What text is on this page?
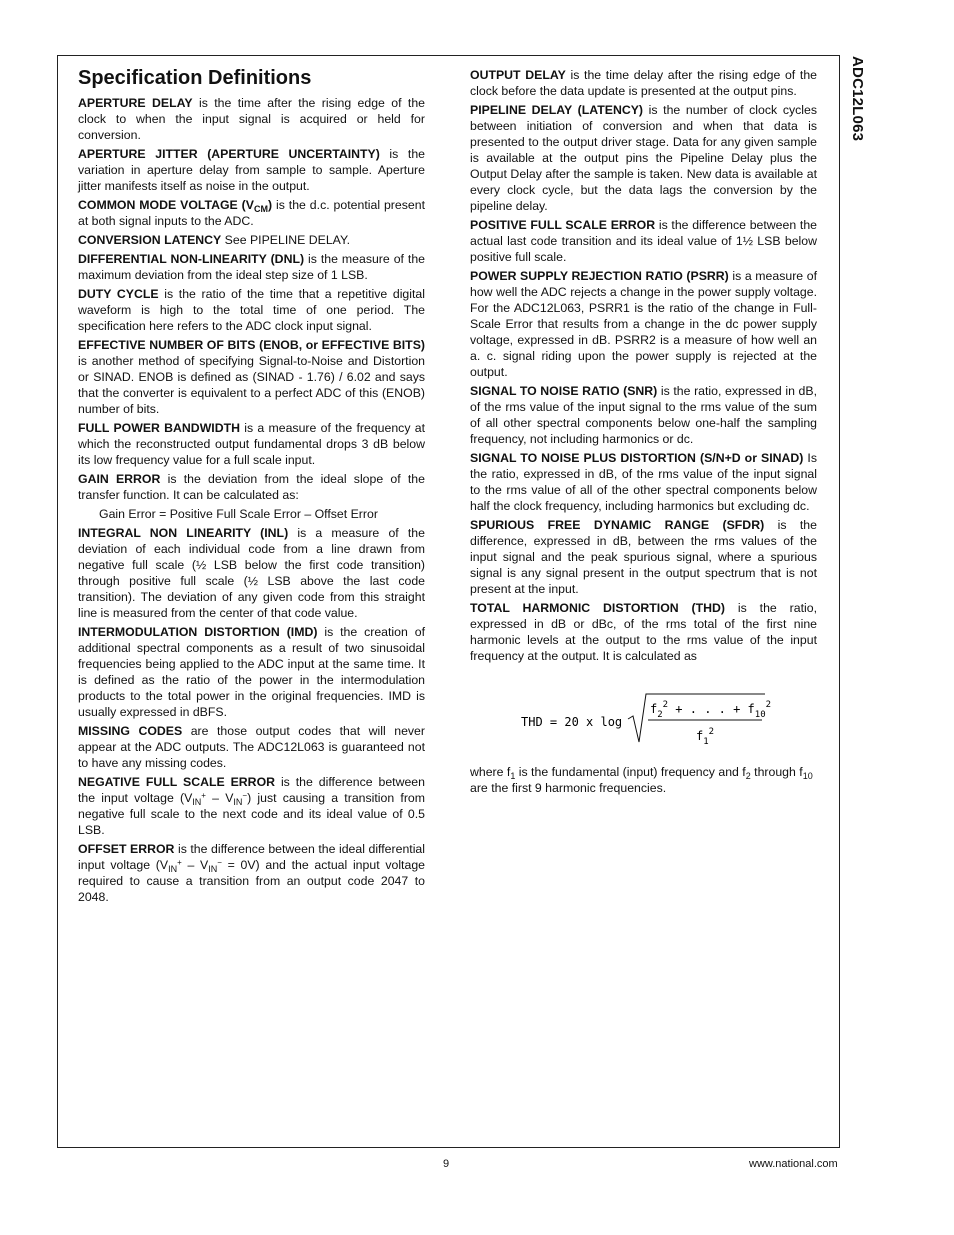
ADC12L063
Specification Definitions

APERTURE DELAY is the time after the rising edge of the clock to when the input signal is acquired or held for conversion.

APERTURE JITTER (APERTURE UNCERTAINTY) is the variation in aperture delay from sample to sample. Aperture jitter manifests itself as noise in the output.

COMMON MODE VOLTAGE $(V_{CM})$ is the d.c. potential present at both signal inputs to the ADC.

CONVERSION LATENCY See PIPELINE DELAY.

DIFFERENTIAL NON-LINEARITY (DNL) is the measure of the maximum deviation from the ideal step size of 1 LSB.

DUTY CYCLE is the ratio of the time that a repetitive digital waveform is high to the total time of one period. The specification here refers to the ADC clock input signal.

EFFECTIVE NUMBER OF BITS (ENOB, or EFFECTIVE BITS) is another method of specifying Signal-to-Noise and Distortion or SINAD. ENOB is defined as (SINAD - 1.76) / 6.02 and says that the converter is equivalent to a perfect ADC of this (ENOB) number of bits.

FULL POWER BANDWIDTH is a measure of the frequency at which the reconstructed output fundamental drops 3 dB below its low frequency value for a full scale input.

GAIN ERROR is the deviation from the ideal slope of the transfer function. It can be calculated as:

Gain Error = Positive Full Scale Error – Offset Error

INTEGRAL NON LINEARITY (INL) is a measure of the deviation of each individual code from a line drawn from negative full scale (½ LSB below the first code transition) through positive full scale (½ LSB above the last code transition). The deviation of any given code from this straight line is measured from the center of that code value.

INTERMODULATION DISTORTION (IMD) is the creation of additional spectral components as a result of two sinusoidal frequencies being applied to the ADC input at the same time. It is defined as the ratio of the power in the intermodulation products to the total power in the original frequencies. IMD is usually expressed in dBFS.

MISSING CODES are those output codes that will never appear at the ADC outputs. The ADC12L063 is guaranteed not to have any missing codes.

NEGATIVE FULL SCALE ERROR is the difference between the input voltage $(V_{IN}^+ - V_{IN}^-)$ just causing a transition from negative full scale to the next code and its ideal value of 0.5 LSB.

OFFSET ERROR is the difference between the ideal differential input voltage $(V_{IN}^+ - V_{IN}^- = 0V)$ and the actual input voltage required to cause a transition from an output code 2047 to 2048.

OUTPUT DELAY is the time delay after the rising edge of the clock before the data update is presented at the output pins.

PIPELINE DELAY (LATENCY) is the number of clock cycles between initiation of conversion and when that data is presented to the output driver stage. Data for any given sample is available at the output pins the Pipeline Delay plus the Output Delay after the sample is taken. New data is available at every clock cycle, but the data lags the conversion by the pipeline delay.

POSITIVE FULL SCALE ERROR is the difference between the actual last code transition and its ideal value of 1½ LSB below positive full scale.

POWER SUPPLY REJECTION RATIO (PSRR) is a measure of how well the ADC rejects a change in the power supply voltage. For the ADC12L063, PSRR1 is the ratio of the change in Full-Scale Error that results from a change in the dc power supply voltage, expressed in dB. PSRR2 is a measure of how well an a. c. signal riding upon the power supply is rejected at the output.

SIGNAL TO NOISE RATIO (SNR) is the ratio, expressed in dB, of the rms value of the input signal to the rms value of the sum of all other spectral components below one-half the sampling frequency, not including harmonics or dc.

SIGNAL TO NOISE PLUS DISTORTION (S/N+D or SINAD) Is the ratio, expressed in dB, of the rms value of the input signal to the rms value of all of the other spectral components below half the clock frequency, including harmonics but excluding dc.

SPURIOUS FREE DYNAMIC RANGE (SFDR) is the difference, expressed in dB, between the rms values of the input signal and the peak spurious signal, where a spurious signal is any signal present in the output spectrum that is not present at the input.

TOTAL HARMONIC DISTORTION (THD) is the ratio, expressed in dB or dBc, of the rms total of the first nine harmonic levels at the output to the rms value of the input frequency at the output. It is calculated as

THD = 20 x log
$f_2^2$ + . . . + $f_{10}^2$
$f_1^2$

where $f_1$ is the fundamental (input) frequency and $f_2$ through $f_{10}$ are the first 9 harmonic frequencies.

9	www.national.com
